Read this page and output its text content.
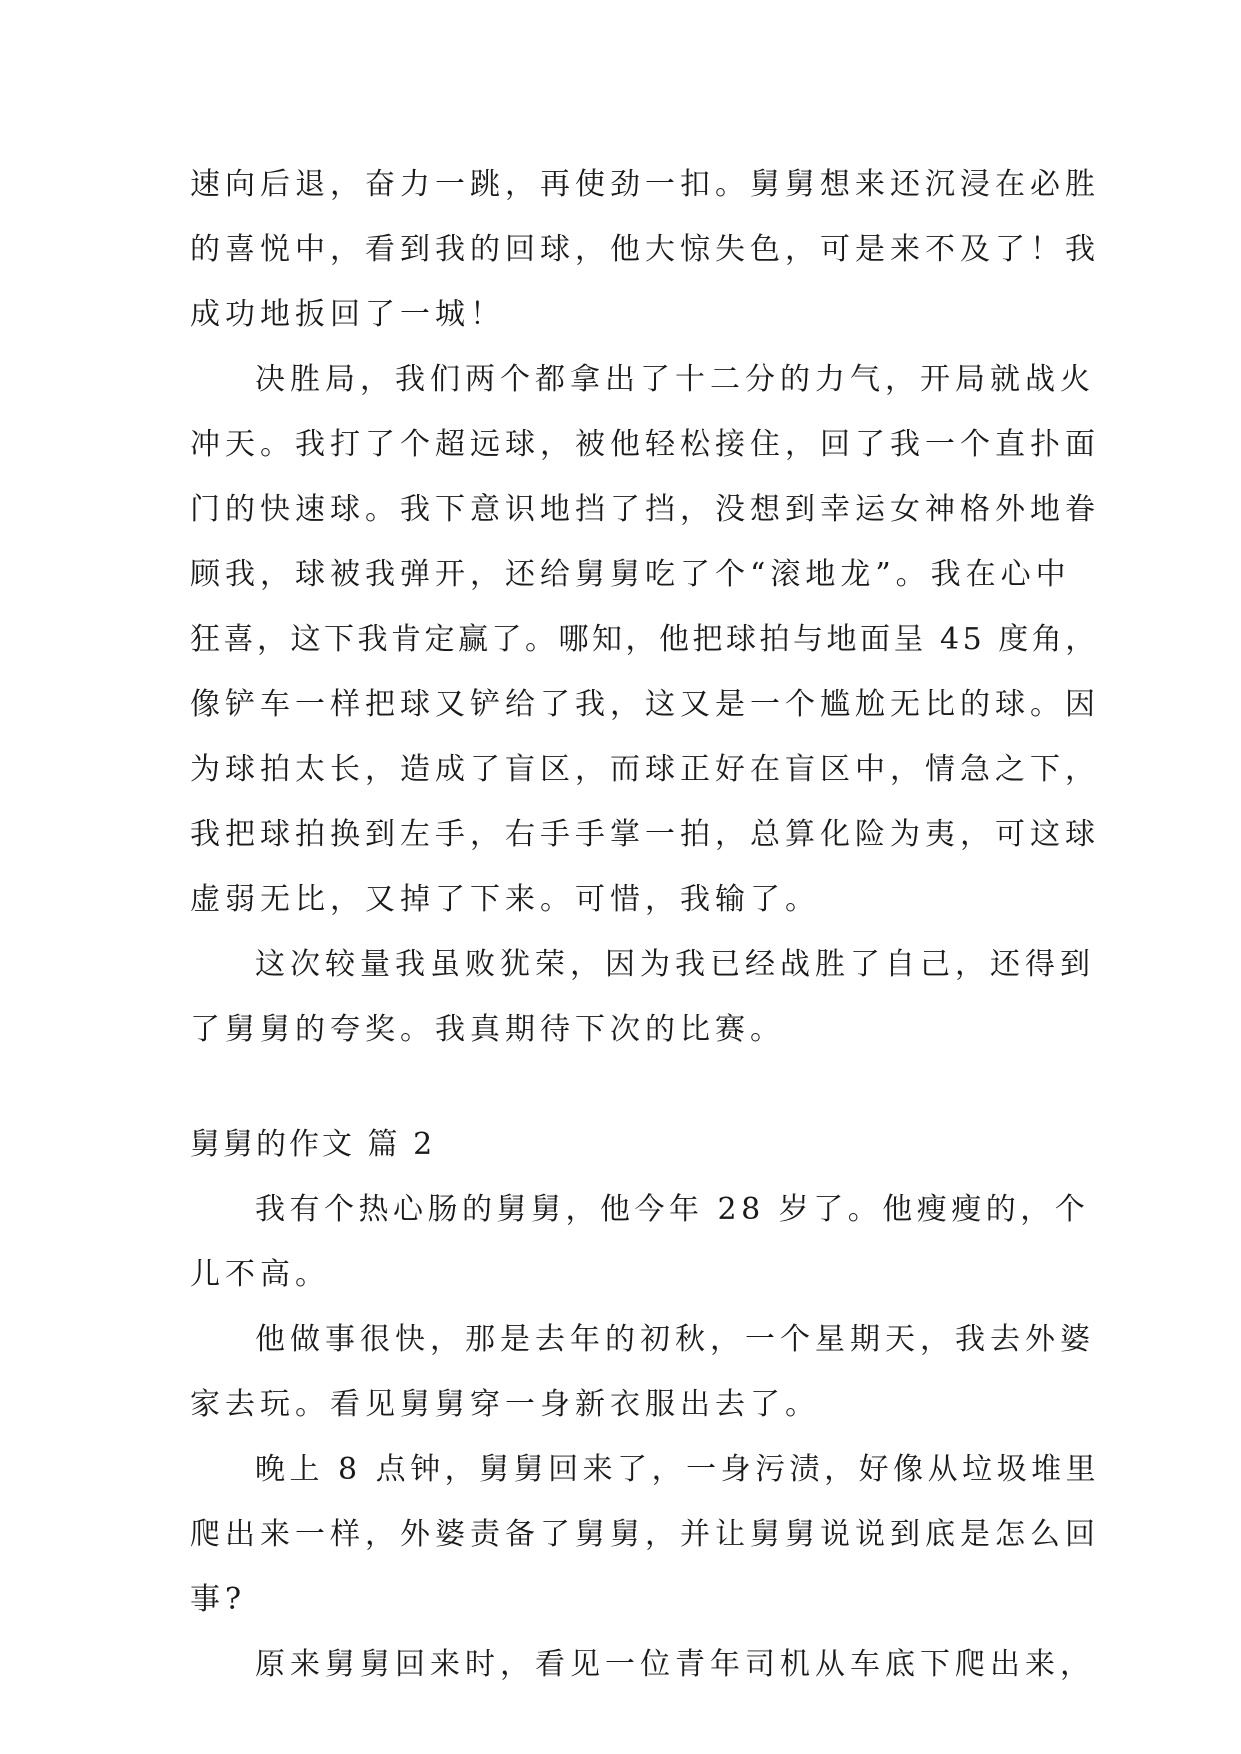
速向后退，奋力一跳，再使劲一扣。舅舅想来还沉浸在必胜
的喜悦中，看到我的回球，他大惊失色，可是来不及了！我
成功地扳回了一城！
决胜局，我们两个都拿出了十二分的力气，开局就战火
冲天。我打了个超远球，被他轻松接住，回了我一个直扑面
门的快速球。我下意识地挡了挡，没想到幸运女神格外地眷
顾我，球被我弹开，还给舅舅吃了个“滚地龙”。我在心中
狂喜，这下我肯定赢了。哪知，他把球拍与地面呈 45 度角，
像铲车一样把球又铲给了我，这又是一个尴尬无比的球。因
为球拍太长，造成了盲区，而球正好在盲区中，情急之下，
我把球拍换到左手，右手手掌一拍，总算化险为夷，可这球
虚弱无比，又掉了下来。可惜，我输了。
这次较量我虽败犹荣，因为我已经战胜了自己，还得到
了舅舅的夸奖。我真期待下次的比赛。
舅舅的作文 篇 2
我有个热心肠的舅舅，他今年 28 岁了。他瘦瘦的，个
儿不高。
他做事很快，那是去年的初秋，一个星期天，我去外婆
家去玩。看见舅舅穿一身新衣服出去了。
晚上 8 点钟，舅舅回来了，一身污渍，好像从垃圾堆里
爬出来一样，外婆责备了舅舅，并让舅舅说说到底是怎么回
事?
原来舅舅回来时，看见一位青年司机从车底下爬出来，
